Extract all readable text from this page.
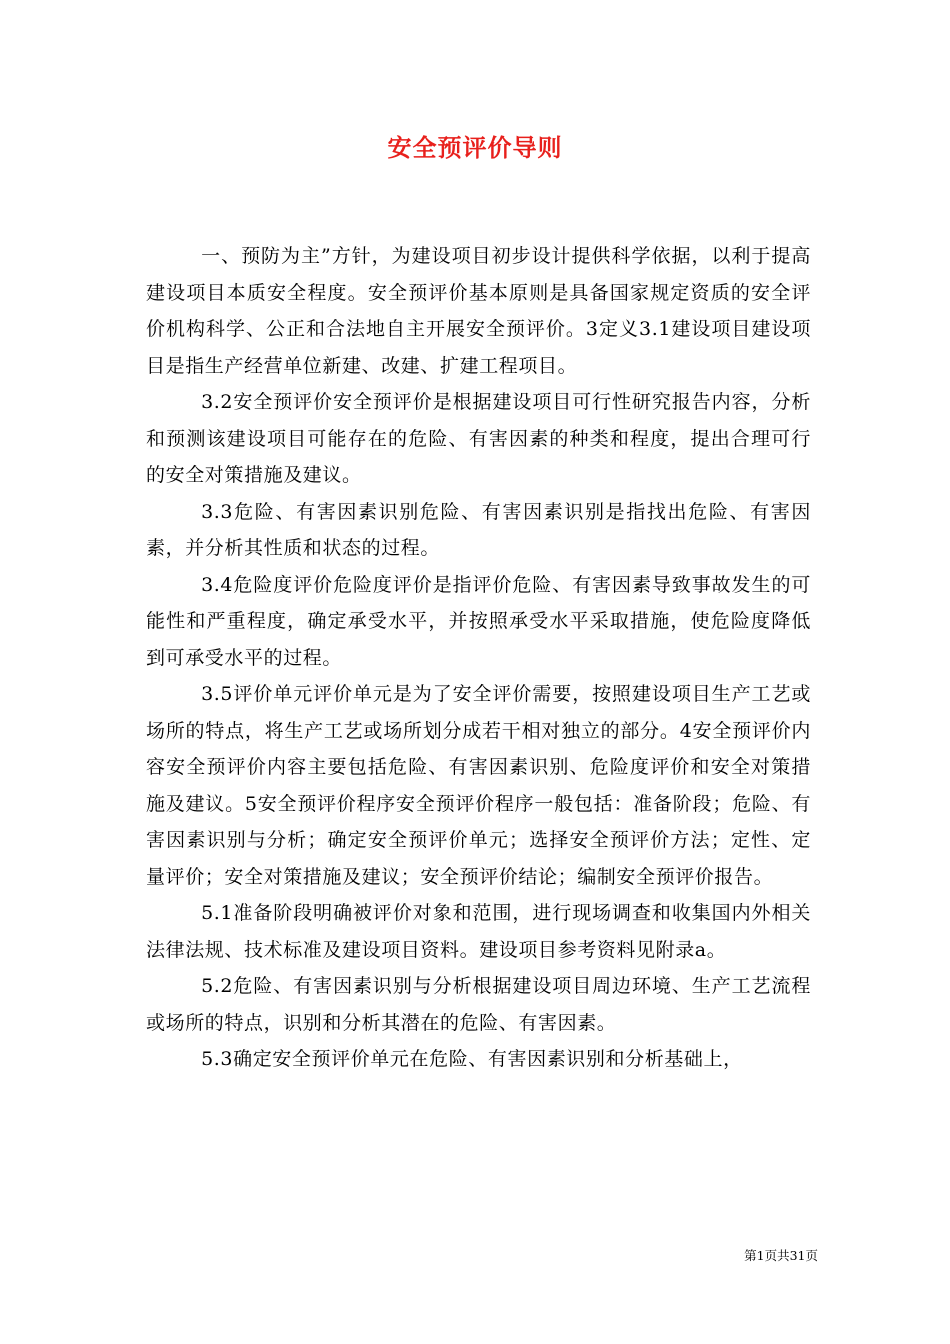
安全预评价导则

一、预防为主”方针，为建设项目初步设计提供科学依据，以利于提高建设项目本质安全程度。安全预评价基本原则是具备国家规定资质的安全评价机构科学、公正和合法地自主开展安全预评价。3定义3.1建设项目建设项目是指生产经营单位新建、改建、扩建工程项目。

3.2安全预评价安全预评价是根据建设项目可行性研究报告内容，分析和预测该建设项目可能存在的危险、有害因素的种类和程度，提出合理可行的安全对策措施及建议。

3.3危险、有害因素识别危险、有害因素识别是指找出危险、有害因素，并分析其性质和状态的过程。

3.4危险度评价危险度评价是指评价危险、有害因素导致事故发生的可能性和严重程度，确定承受水平，并按照承受水平采取措施，使危险度降低到可承受水平的过程。

3.5评价单元评价单元是为了安全评价需要，按照建设项目生产工艺或场所的特点，将生产工艺或场所划分成若干相对独立的部分。4安全预评价内容安全预评价内容主要包括危险、有害因素识别、危险度评价和安全对策措施及建议。5安全预评价程序安全预评价程序一般包括：准备阶段；危险、有害因素识别与分析；确定安全预评价单元；选择安全预评价方法；定性、定量评价；安全对策措施及建议；安全预评价结论；编制安全预评价报告。

5.1准备阶段明确被评价对象和范围，进行现场调查和收集国内外相关法律法规、技术标准及建设项目资料。建设项目参考资料见附录a。

5.2危险、有害因素识别与分析根据建设项目周边环境、生产工艺流程或场所的特点，识别和分析其潜在的危险、有害因素。

5.3确定安全预评价单元在危险、有害因素识别和分析基础上，

第1页共31页
